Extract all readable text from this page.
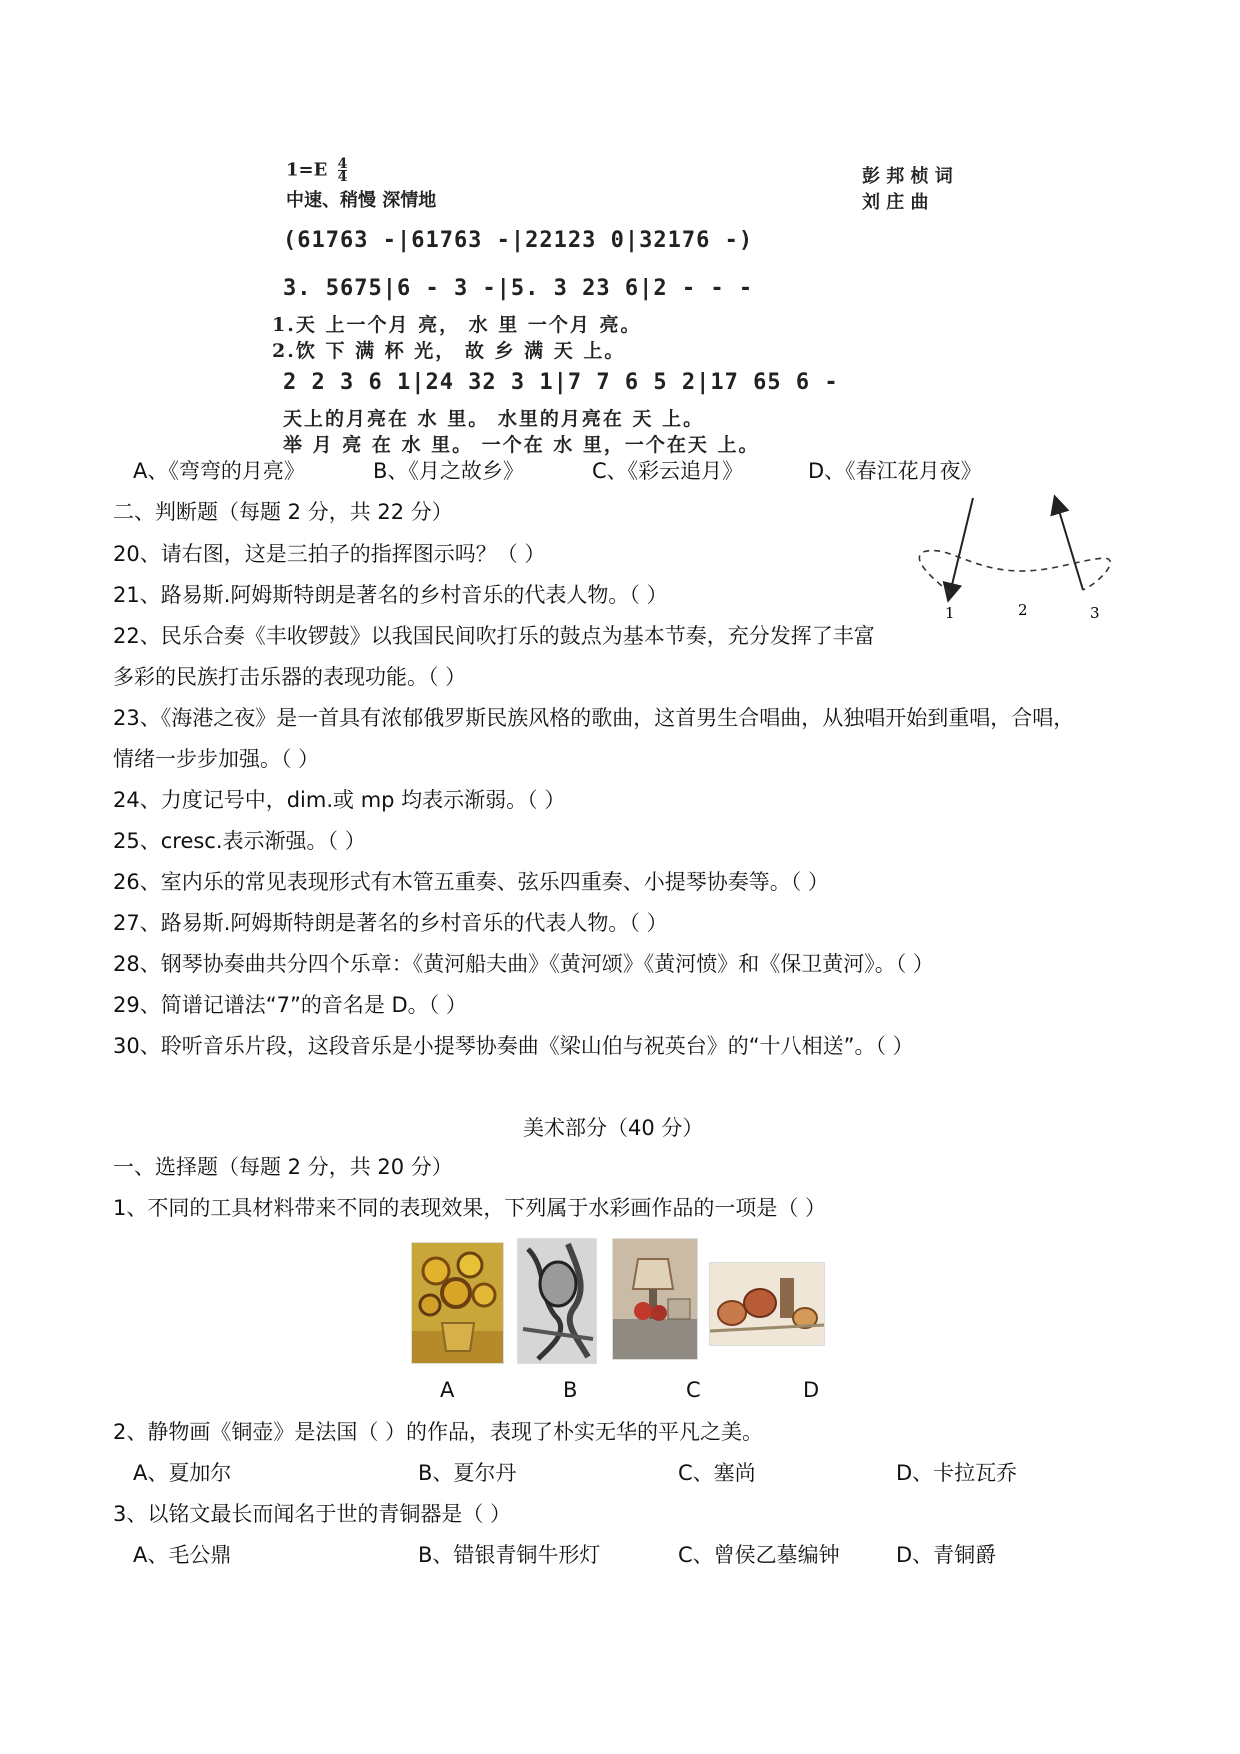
$1=E \frac{4}{4}$
中速、稍慢 深情地
彭 邦 桢 词
刘 庄 曲
(61763 -|61763 -|22123 0|32176 -)
3. 5675|6 - 3 -|5. 3 23 6|2 - - -
1.天 上一个月 亮， 水 里 一个月 亮。
2.饮 下 满 杯 光， 故 乡 满 天 上。
2 2 3 6 1|24 32 3 1|7 7 6 5 2|17 65 6 -
天上的月亮在 水 里。 水里的月亮在 天 上。
举 月 亮 在 水 里。 一个在 水 里，一个在天 上。
A、《弯弯的月亮》	B、《月之故乡》	C、《彩云追月》	D、《春江花月夜》
二、判断题（每题 2 分，共 22 分）
1	2	3
20、请右图，这是三拍子的指挥图示吗？（ ）
21、路易斯.阿姆斯特朗是著名的乡村音乐的代表人物。（ ）
22、民乐合奏《丰收锣鼓》以我国民间吹打乐的鼓点为基本节奏，充分发挥了丰富
多彩的民族打击乐器的表现功能。（ ）
23、《海港之夜》是一首具有浓郁俄罗斯民族风格的歌曲，这首男生合唱曲，从独唱开始到重唱，合唱，
情绪一步步加强。（ ）
24、力度记号中，dim.或 mp 均表示渐弱。（ ）
25、cresc.表示渐强。（ ）
26、室内乐的常见表现形式有木管五重奏、弦乐四重奏、小提琴协奏等。（ ）
27、路易斯.阿姆斯特朗是著名的乡村音乐的代表人物。（ ）
28、钢琴协奏曲共分四个乐章：《黄河船夫曲》《黄河颂》《黄河愤》和《保卫黄河》。（ ）
29、简谱记谱法“7”的音名是 D。（ ）
30、聆听音乐片段，这段音乐是小提琴协奏曲《梁山伯与祝英台》的“十八相送”。（ ）
美术部分（40 分）
一、选择题（每题 2 分，共 20 分）
1、不同的工具材料带来不同的表现效果，下列属于水彩画作品的一项是（ ）
A	B	C	D
2、静物画《铜壶》是法国（ ）的作品，表现了朴实无华的平凡之美。
A、夏加尔	B、夏尔丹	C、塞尚	D、卡拉瓦乔
3、以铭文最长而闻名于世的青铜器是（ ）
A、毛公鼎	B、错银青铜牛形灯	C、曾侯乙墓编钟	D、青铜爵
